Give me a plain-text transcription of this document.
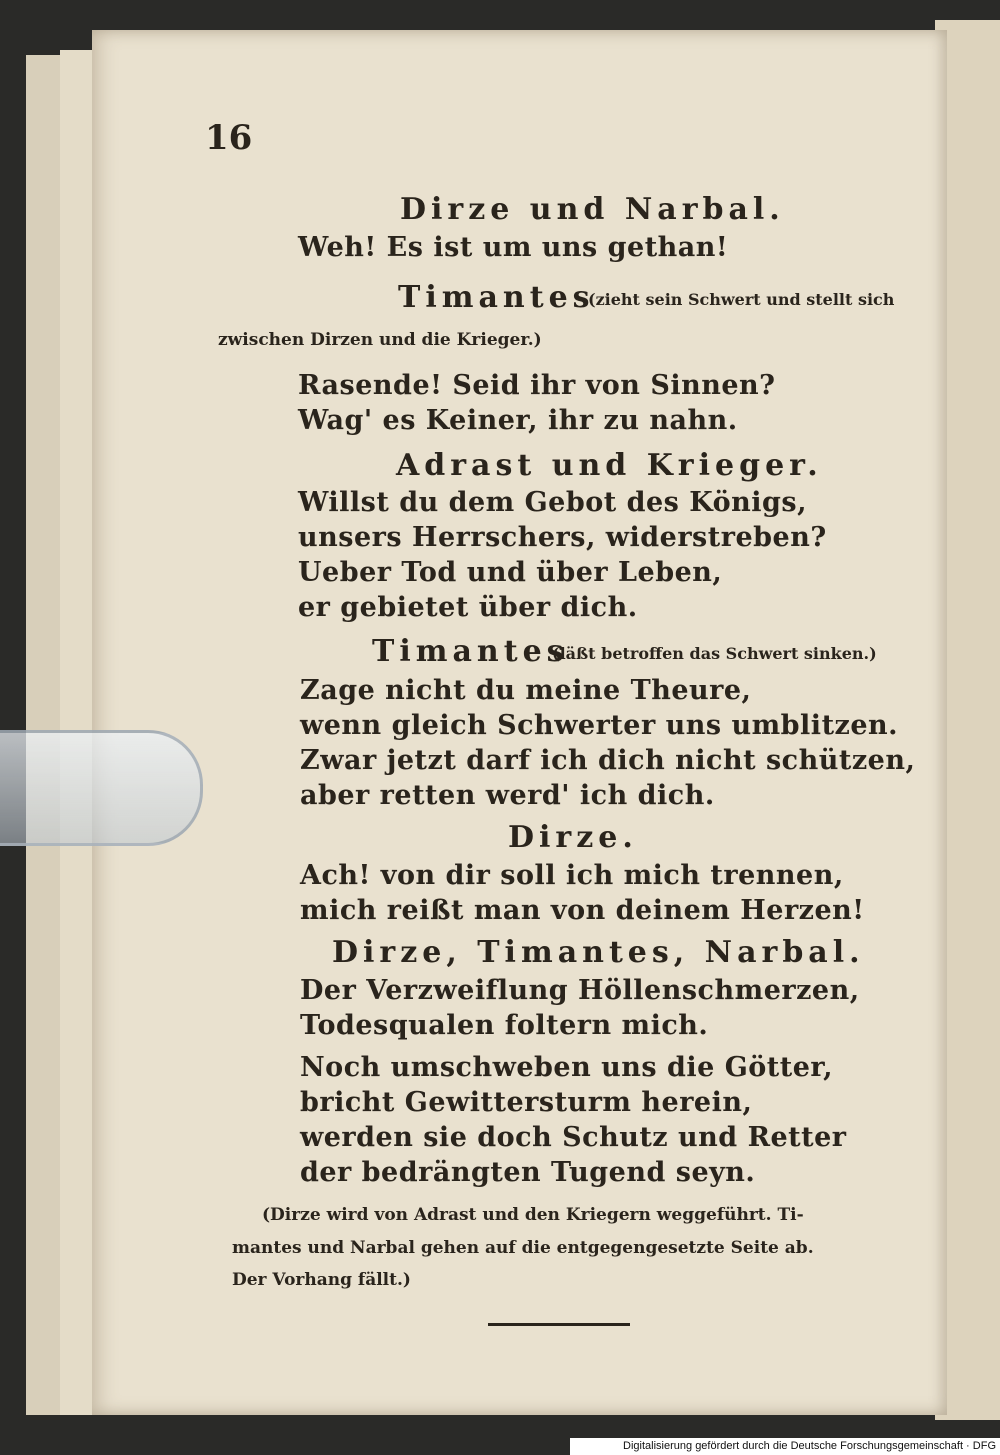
16
Dirze und Narbal.
Weh! Es ist um uns gethan!
Timantes
(zieht sein Schwert und stellt sich
zwischen Dirzen und die Krieger.)
Rasende! Seid ihr von Sinnen?
Wag' es Keiner, ihr zu nahn.
Adrast und Krieger.
Willst du dem Gebot des Königs,
unsers Herrschers, widerstreben?
Ueber Tod und über Leben,
er gebietet über dich.
Timantes
(läßt betroffen das Schwert sinken.)
Zage nicht du meine Theure,
wenn gleich Schwerter uns umblitzen.
Zwar jetzt darf ich dich nicht schützen,
aber retten werd' ich dich.
Dirze.
Ach! von dir soll ich mich trennen,
mich reißt man von deinem Herzen!
Dirze, Timantes, Narbal.
Der Verzweiflung Höllenschmerzen,
Todesqualen foltern mich.
Noch umschweben uns die Götter,
bricht Gewittersturm herein,
werden sie doch Schutz und Retter
der bedrängten Tugend seyn.
(Dirze wird von Adrast und den Kriegern weggeführt. Ti-
mantes und Narbal gehen auf die entgegengesetzte Seite ab.
Der Vorhang fällt.)
Digitalisierung gefördert durch die Deutsche Forschungsgemeinschaft · DFG
